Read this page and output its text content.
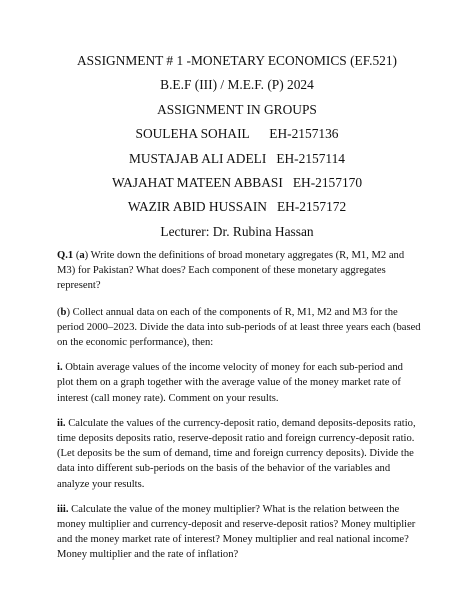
ASSIGNMENT # 1 -MONETARY ECONOMICS (EF.521)
B.E.F (III) / M.E.F. (P) 2024
ASSIGNMENT IN GROUPS
SOULEHA SOHAIL      EH-2157136
MUSTAJAB ALI ADELI   EH-2157114
WAJAHAT MATEEN ABBASI   EH-2157170
WAZIR ABID HUSSAIN   EH-2157172
Lecturer: Dr. Rubina Hassan

Q.1 (a) Write down the definitions of broad monetary aggregates (R, M1, M2 and M3) for Pakistan? What does? Each component of these monetary aggregates represent?

(b) Collect annual data on each of the components of R, M1, M2 and M3 for the period 2000–2023. Divide the data into sub-periods of at least three years each (based on the economic performance), then:

i. Obtain average values of the income velocity of money for each sub-period and plot them on a graph together with the average value of the money market rate of interest (call money rate). Comment on your results.

ii. Calculate the values of the currency-deposit ratio, demand deposits-deposits ratio, time deposits deposits ratio, reserve-deposit ratio and foreign currency-deposit ratio. (Let deposits be the sum of demand, time and foreign currency deposits). Divide the data into different sub-periods on the basis of the behavior of the variables and analyze your results.

iii. Calculate the value of the money multiplier? What is the relation between the money multiplier and currency-deposit and reserve-deposit ratios? Money multiplier and the money market rate of interest? Money multiplier and real national income? Money multiplier and the rate of inflation?
